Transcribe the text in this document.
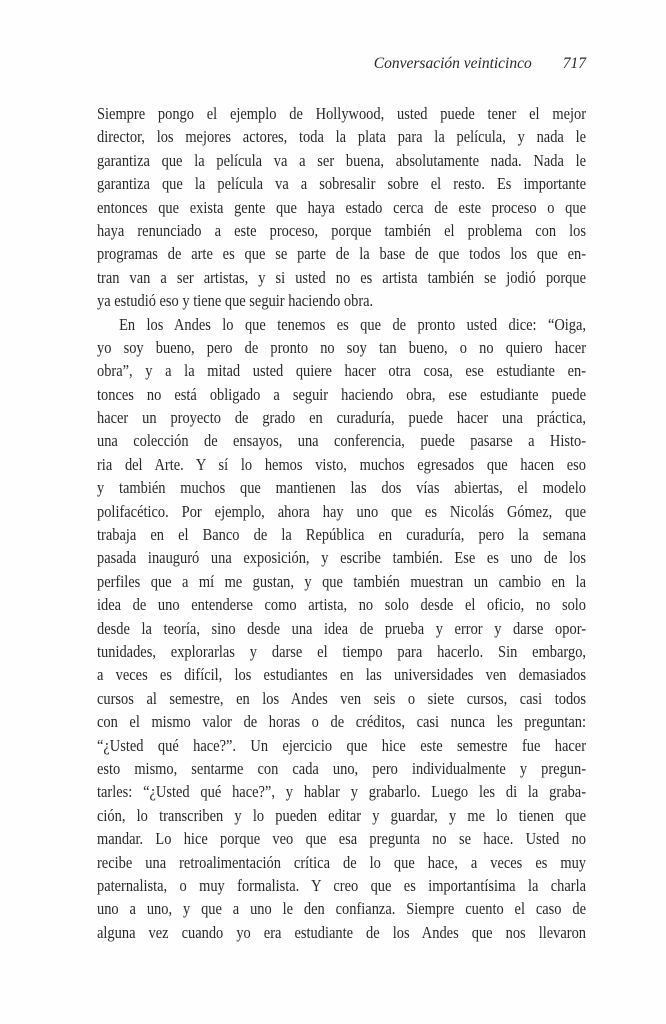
Conversación veinticinco 717
Siempre pongo el ejemplo de Hollywood, usted puede tener el mejor
director, los mejores actores, toda la plata para la película, y nada le
garantiza que la película va a ser buena, absolutamente nada. Nada le
garantiza que la película va a sobresalir sobre el resto. Es importante
entonces que exista gente que haya estado cerca de este proceso o que
haya renunciado a este proceso, porque también el problema con los
programas de arte es que se parte de la base de que todos los que en-
tran van a ser artistas, y si usted no es artista también se jodió porque
ya estudió eso y tiene que seguir haciendo obra.
En los Andes lo que tenemos es que de pronto usted dice: “Oiga,
yo soy bueno, pero de pronto no soy tan bueno, o no quiero hacer
obra”, y a la mitad usted quiere hacer otra cosa, ese estudiante en-
tonces no está obligado a seguir haciendo obra, ese estudiante puede
hacer un proyecto de grado en curaduría, puede hacer una práctica,
una colección de ensayos, una conferencia, puede pasarse a Histo-
ria del Arte. Y sí lo hemos visto, muchos egresados que hacen eso
y también muchos que mantienen las dos vías abiertas, el modelo
polifacético. Por ejemplo, ahora hay uno que es Nicolás Gómez, que
trabaja en el Banco de la República en curaduría, pero la semana
pasada inauguró una exposición, y escribe también. Ese es uno de los
perfiles que a mí me gustan, y que también muestran un cambio en la
idea de uno entenderse como artista, no solo desde el oficio, no solo
desde la teoría, sino desde una idea de prueba y error y darse opor-
tunidades, explorarlas y darse el tiempo para hacerlo. Sin embargo,
a veces es difícil, los estudiantes en las universidades ven demasiados
cursos al semestre, en los Andes ven seis o siete cursos, casi todos
con el mismo valor de horas o de créditos, casi nunca les preguntan:
“¿Usted qué hace?”. Un ejercicio que hice este semestre fue hacer
esto mismo, sentarme con cada uno, pero individualmente y pregun-
tarles: “¿Usted qué hace?”, y hablar y grabarlo. Luego les di la graba-
ción, lo transcriben y lo pueden editar y guardar, y me lo tienen que
mandar. Lo hice porque veo que esa pregunta no se hace. Usted no
recibe una retroalimentación crítica de lo que hace, a veces es muy
paternalista, o muy formalista. Y creo que es importantísima la charla
uno a uno, y que a uno le den confianza. Siempre cuento el caso de
alguna vez cuando yo era estudiante de los Andes que nos llevaron
